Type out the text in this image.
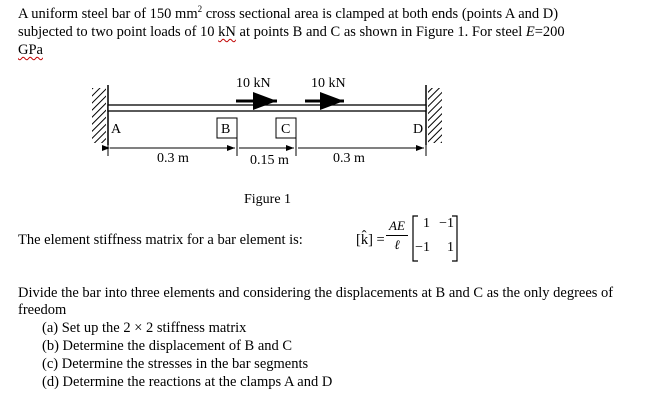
A uniform steel bar of 150 $mm^2$ cross sectional area is clamped at both ends (points A and D)
subjected to two point loads of 10 kN at points B and C as shown in Figure 1. For steel E=200
GPa
10 kN	10 kN
A	B	C	D
0.3 m	0.15 m	0.3 m
Figure 1
The element stiffness matrix for a bar element is:	[k̂] =
AE
ℓ
1 −1
−1	1
Divide the bar into three elements and considering the displacements at B and C as the only degrees of freedom
(a) Set up the 2 × 2 stiffness matrix
(b) Determine the displacement of B and C
(c) Determine the stresses in the bar segments
(d) Determine the reactions at the clamps A and D
